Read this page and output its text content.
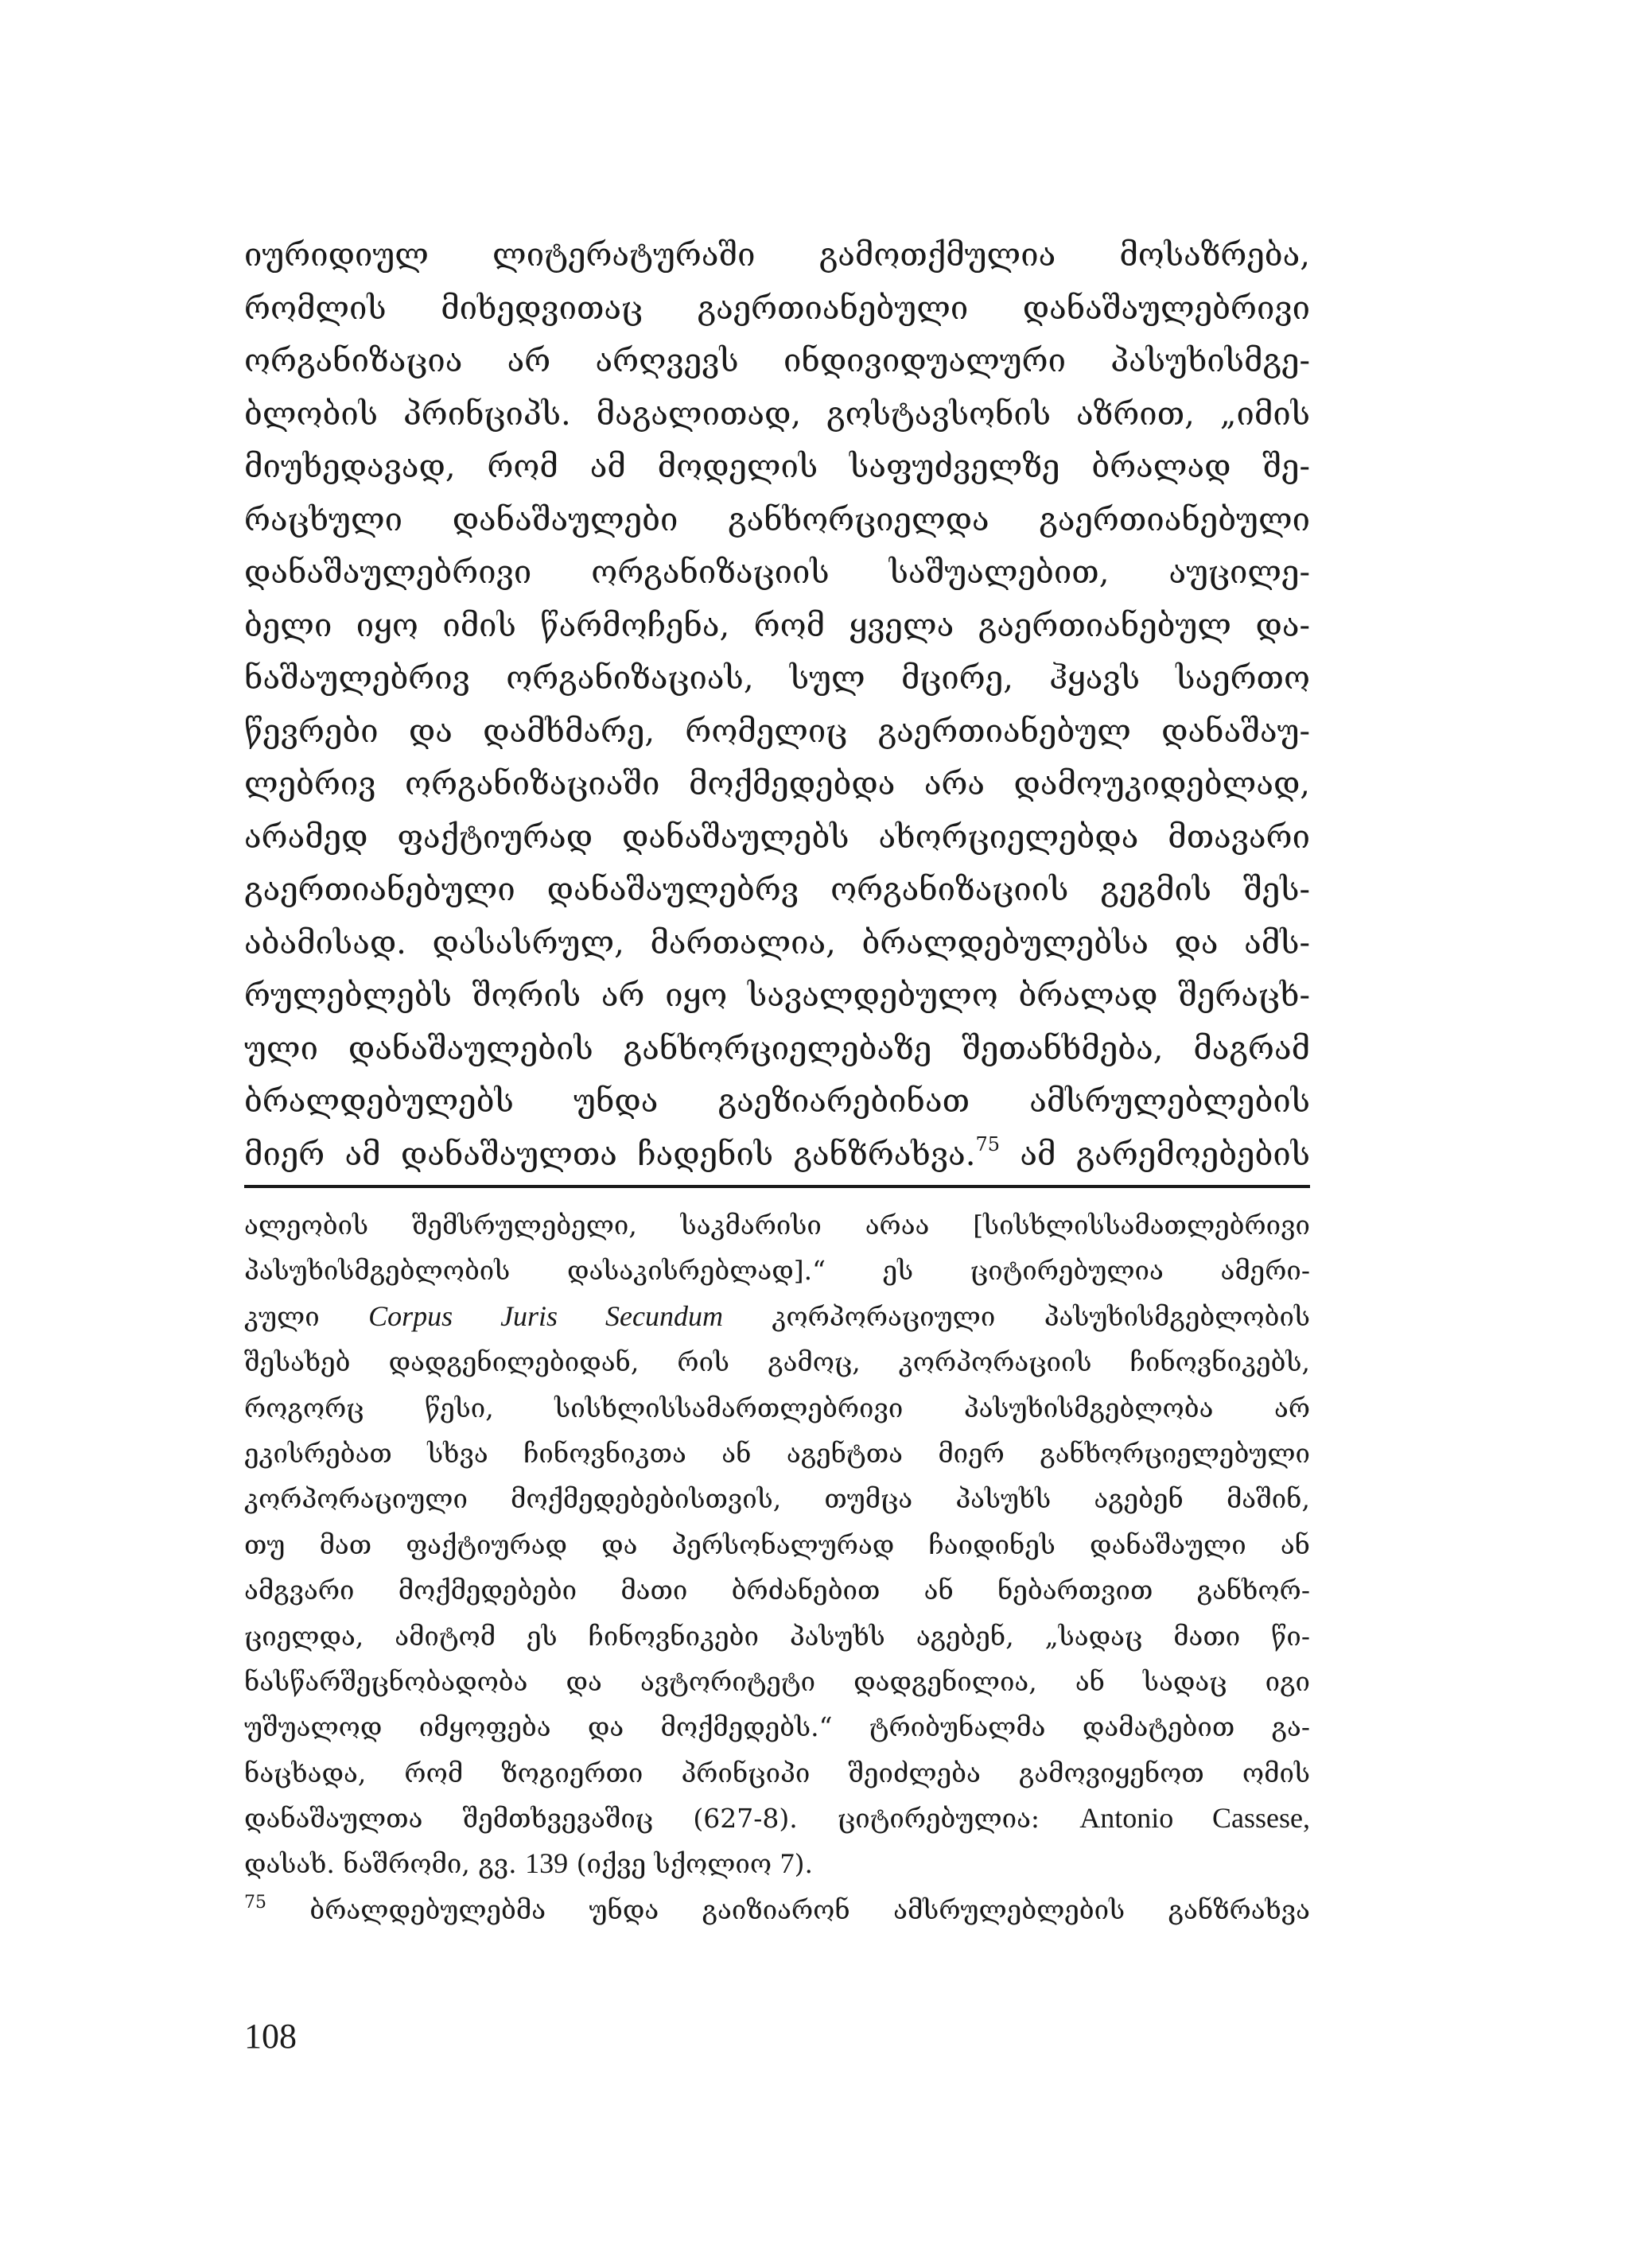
იურიდიულ ლიტერატურაში გამოთქმულია მოსაზრება,
რომლის მიხედვითაც გაერთიანებული დანაშაულებრივი
ორგანიზაცია არ არღვევს ინდივიდუალური პასუხისმგე-
ბლობის პრინციპს. მაგალითად, გოსტავსონის აზრით, „იმის
მიუხედავად, რომ ამ მოდელის საფუძველზე ბრალად შე-
რაცხული დანაშაულები განხორციელდა გაერთიანებული
დანაშაულებრივი ორგანიზაციის საშუალებით, აუცილე-
ბელი იყო იმის წარმოჩენა, რომ ყველა გაერთიანებულ და-
ნაშაულებრივ ორგანიზაციას, სულ მცირე, ჰყავს საერთო
წევრები და დამხმარე, რომელიც გაერთიანებულ დანაშაუ-
ლებრივ ორგანიზაციაში მოქმედებდა არა დამოუკიდებლად,
არამედ ფაქტიურად დანაშაულებს ახორციელებდა მთავარი
გაერთიანებული დანაშაულებრვ ორგანიზაციის გეგმის შეს-
აბამისად. დასასრულ, მართალია, ბრალდებულებსა და ამს-
რულებლებს შორის არ იყო სავალდებულო ბრალად შერაცხ-
ული დანაშაულების განხორციელებაზე შეთანხმება, მაგრამ
ბრალდებულებს უნდა გაეზიარებინათ ამსრულებლების
მიერ ამ დანაშაულთა ჩადენის განზრახვა.$^{75}$ ამ გარემოებების
ალეობის შემსრულებელი, საკმარისი არაა [სისხლისსამათლებრივი
პასუხისმგებლობის დასაკისრებლად].“ ეს ციტირებულია ამერი-
კული Corpus Juris Secundum კორპორაციული პასუხისმგებლობის
შესახებ დადგენილებიდან, რის გამოც, კორპორაციის ჩინოვნიკებს,
როგორც წესი, სისხლისსამართლებრივი პასუხისმგებლობა არ
ეკისრებათ სხვა ჩინოვნიკთა ან აგენტთა მიერ განხორციელებული
კორპორაციული მოქმედებებისთვის, თუმცა პასუხს აგებენ მაშინ,
თუ მათ ფაქტიურად და პერსონალურად ჩაიდინეს დანაშაული ან
ამგვარი მოქმედებები მათი ბრძანებით ან ნებართვით განხორ-
ციელდა, ამიტომ ეს ჩინოვნიკები პასუხს აგებენ, „სადაც მათი წი-
ნასწარშეცნობადობა და ავტორიტეტი დადგენილია, ან სადაც იგი
უშუალოდ იმყოფება და მოქმედებს.“ ტრიბუნალმა დამატებით გა-
ნაცხადა, რომ ზოგიერთი პრინციპი შეიძლება გამოვიყენოთ ომის
დანაშაულთა შემთხვევაშიც (627-8). ციტირებულია: Antonio Cassese,
დასახ. ნაშრომი, გვ. 139 (იქვე სქოლიო 7).
$^{75}$ ბრალდებულებმა უნდა გაიზიარონ ამსრულებლების განზრახვა
108
